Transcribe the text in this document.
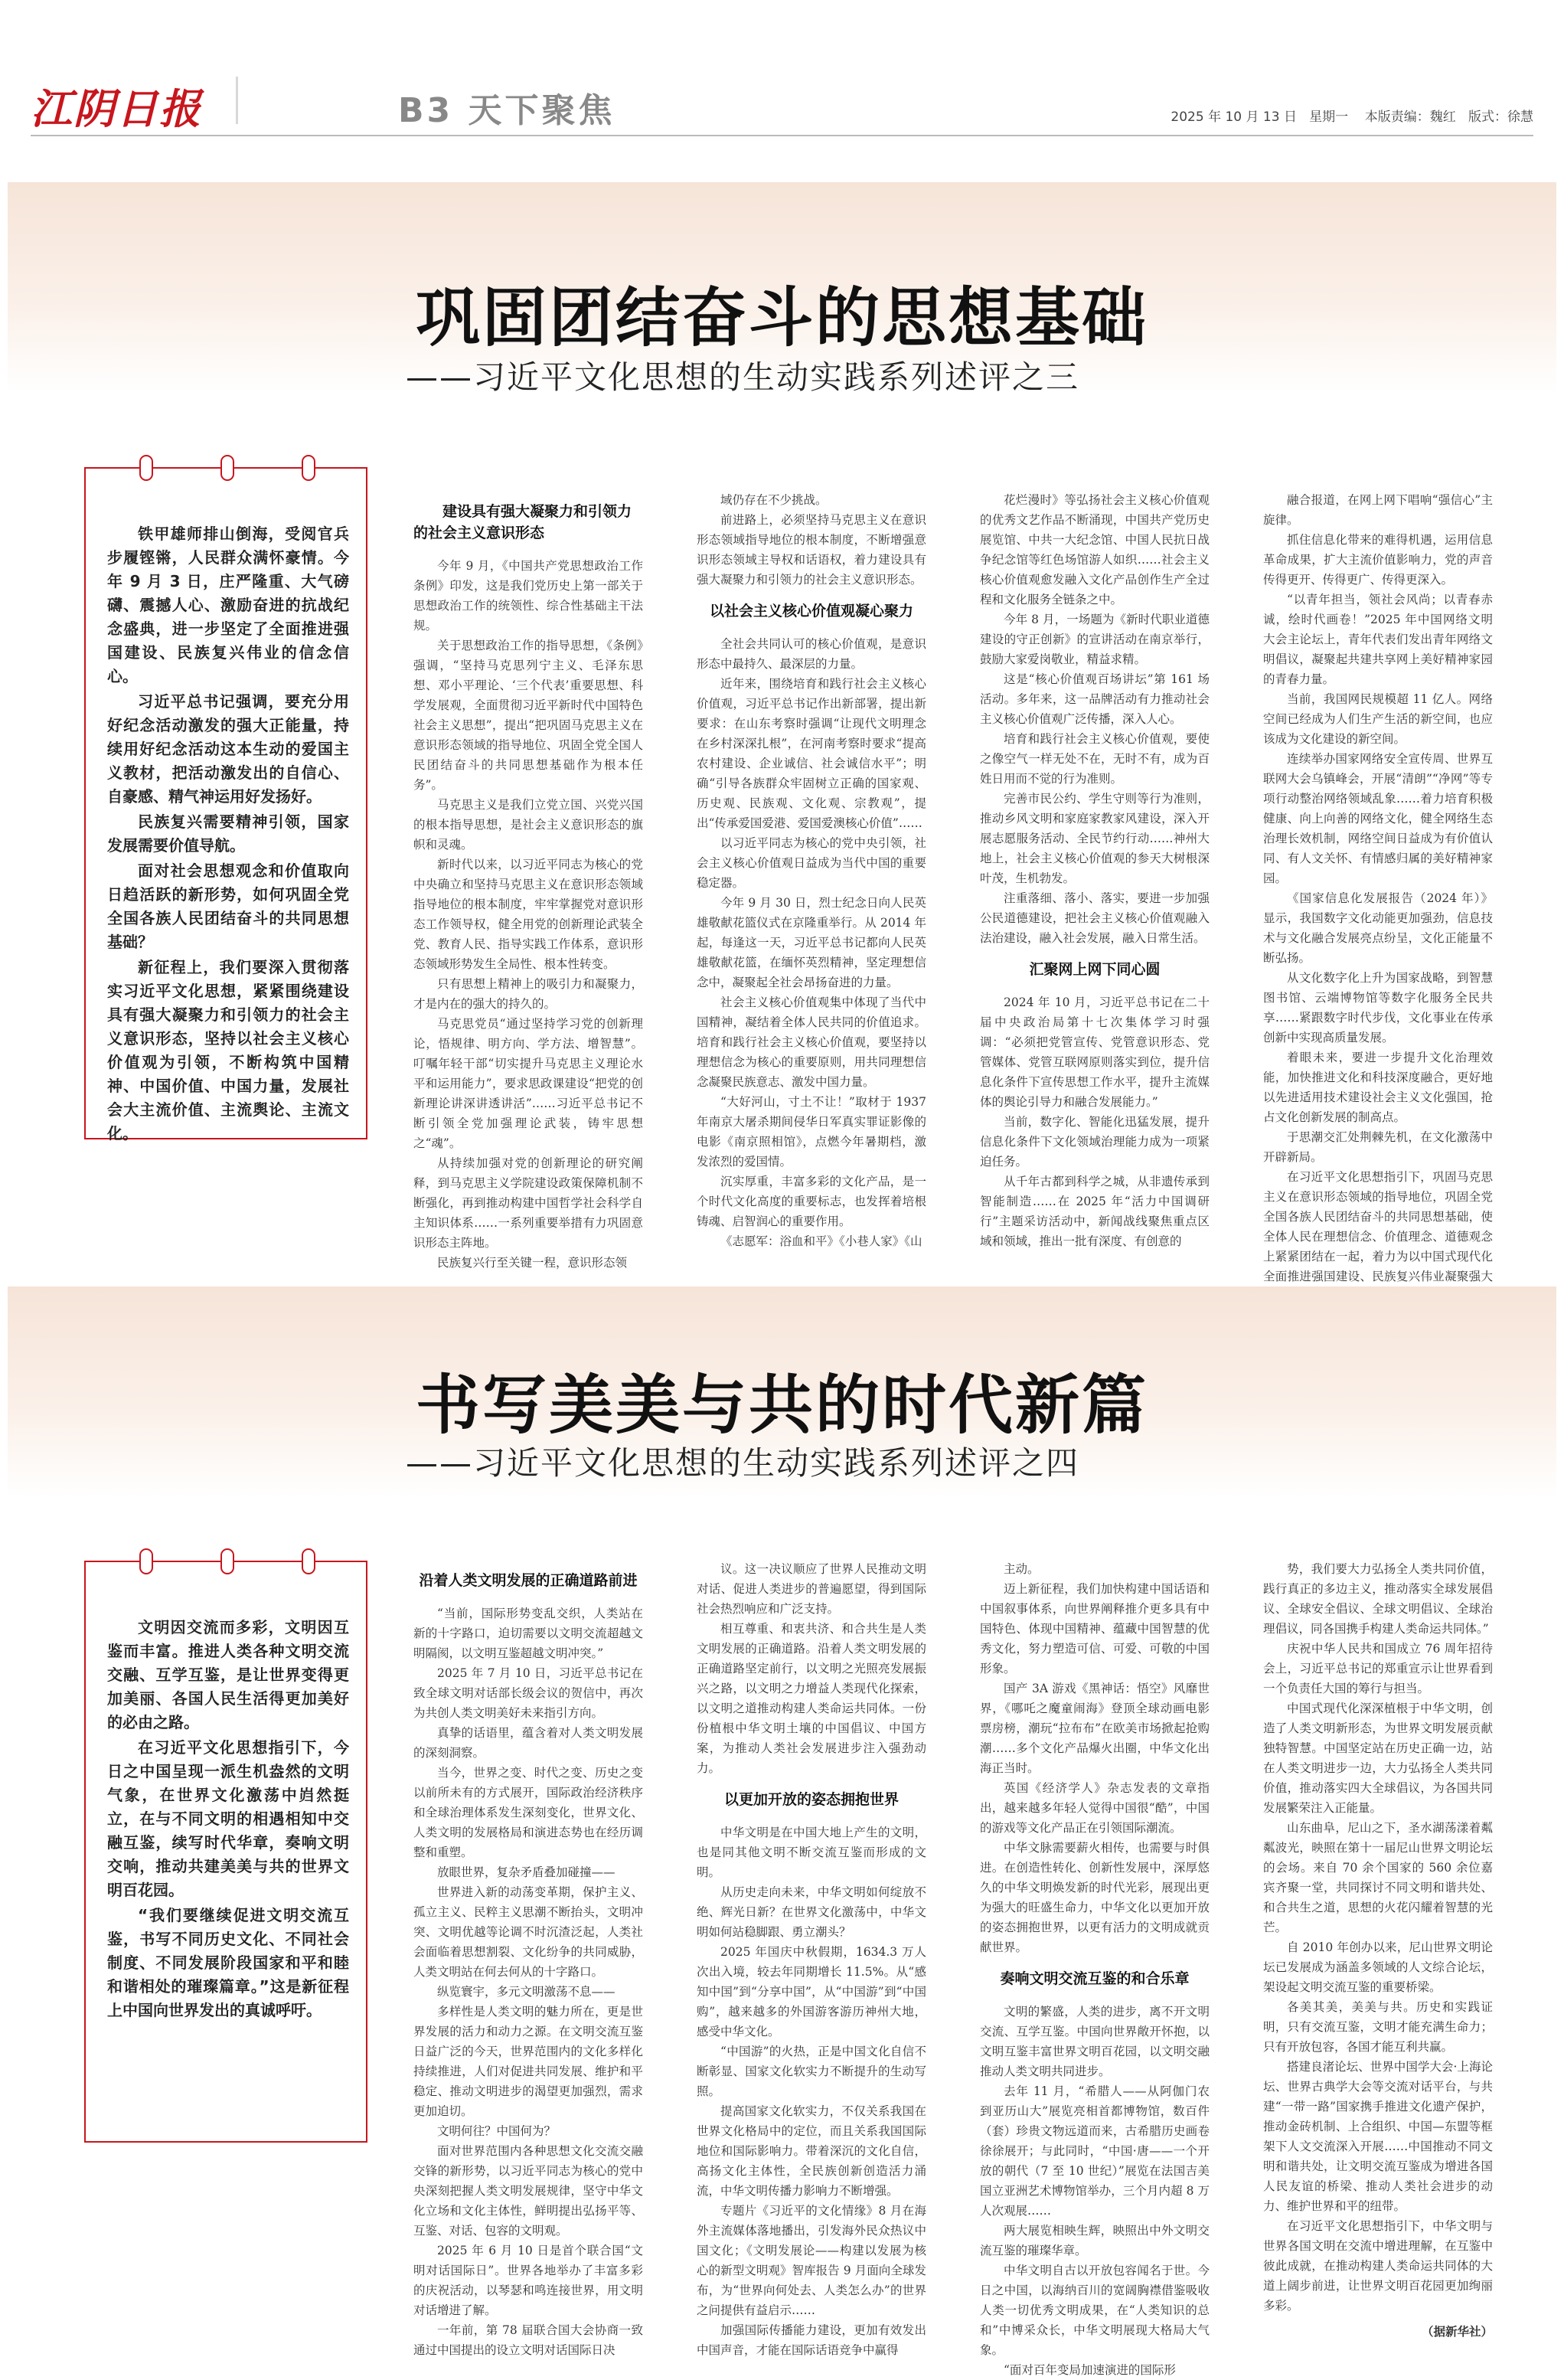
江阴日报	B3 天下聚焦	2025 年 10 月 13 日   星期一    本版责编：魏红   版式：徐慧
巩固团结奋斗的思想基础
——习近平文化思想的生动实践系列述评之三

铁甲雄师排山倒海，受阅官兵步履铿锵，人民群众满怀豪情。今年 9 月 3 日，庄严隆重、大气磅礴、震撼人心、激励奋进的抗战纪念盛典，进一步坚定了全面推进强国建设、民族复兴伟业的信念信心。

习近平总书记强调，要充分用好纪念活动激发的强大正能量，持续用好纪念活动这本生动的爱国主义教材，把活动激发出的自信心、自豪感、精气神运用好发扬好。

民族复兴需要精神引领，国家发展需要价值导航。

面对社会思想观念和价值取向日趋活跃的新形势，如何巩固全党全国各族人民团结奋斗的共同思想基础？

新征程上，我们要深入贯彻落实习近平文化思想，紧紧围绕建设具有强大凝聚力和引领力的社会主义意识形态，坚持以社会主义核心价值观为引领，不断构筑中国精神、中国价值、中国力量，发展社会大主流价值、主流舆论、主流文化。

建设具有强大凝聚力和引领力的社会主义意识形态

今年 9 月，《中国共产党思想政治工作条例》印发，这是我们党历史上第一部关于思想政治工作的统领性、综合性基础主干法规。

关于思想政治工作的指导思想，《条例》强调，“坚持马克思列宁主义、毛泽东思想、邓小平理论、‘三个代表’重要思想、科学发展观，全面贯彻习近平新时代中国特色社会主义思想”，提出“把巩固马克思主义在意识形态领域的指导地位、巩固全党全国人民团结奋斗的共同思想基础作为根本任务”。

马克思主义是我们立党立国、兴党兴国的根本指导思想，是社会主义意识形态的旗帜和灵魂。

新时代以来，以习近平同志为核心的党中央确立和坚持马克思主义在意识形态领域指导地位的根本制度，牢牢掌握党对意识形态工作领导权，健全用党的创新理论武装全党、教育人民、指导实践工作体系，意识形态领域形势发生全局性、根本性转变。

只有思想上精神上的吸引力和凝聚力，才是内在的强大的持久的。

马克思党员“通过坚持学习党的创新理论，悟规律、明方向、学方法、增智慧”。叮嘱年轻干部“切实提升马克思主义理论水平和运用能力”，要求思政课建设“把党的创新理论讲深讲透讲活”……习近平总书记不断引领全党加强理论武装，铸牢思想之“魂”。

从持续加强对党的创新理论的研究阐释，到马克思主义学院建设政策保障机制不断强化，再到推动构建中国哲学社会科学自主知识体系……一系列重要举措有力巩固意识形态主阵地。

民族复兴行至关键一程，意识形态领

域仍存在不少挑战。

前进路上，必须坚持马克思主义在意识形态领域指导地位的根本制度，不断增强意识形态领域主导权和话语权，着力建设具有强大凝聚力和引领力的社会主义意识形态。

以社会主义核心价值观凝心聚力

全社会共同认可的核心价值观，是意识形态中最持久、最深层的力量。

近年来，围绕培育和践行社会主义核心价值观，习近平总书记作出新部署，提出新要求：在山东考察时强调“让现代文明理念在乡村深深扎根”，在河南考察时要求“提高农村建设、企业诚信、社会诚信水平”；明确“引导各族群众牢固树立正确的国家观、历史观、民族观、文化观、宗教观”，提出“传承爱国爱港、爱国爱澳核心价值”……

以习近平同志为核心的党中央引领，社会主义核心价值观日益成为当代中国的重要稳定器。

今年 9 月 30 日，烈士纪念日向人民英雄敬献花篮仪式在京隆重举行。从 2014 年起，每逢这一天，习近平总书记都向人民英雄敬献花篮，在缅怀英烈精神，坚定理想信念中，凝聚起全社会昂扬奋进的力量。

社会主义核心价值观集中体现了当代中国精神，凝结着全体人民共同的价值追求。培育和践行社会主义核心价值观，要坚持以理想信念为核心的重要原则，用共同理想信念凝聚民族意志、激发中国力量。

“大好河山，寸土不让！”取材于 1937 年南京大屠杀期间侵华日军真实罪证影像的电影《南京照相馆》，点燃今年暑期档，激发浓烈的爱国情。

沉实厚重，丰富多彩的文化产品，是一个时代文化高度的重要标志，也发挥着培根铸魂、启智润心的重要作用。

《志愿军：浴血和平》《小巷人家》《山

花烂漫时》等弘扬社会主义核心价值观的优秀文艺作品不断涌现，中国共产党历史展览馆、中共一大纪念馆、中国人民抗日战争纪念馆等红色场馆游人如织……社会主义核心价值观愈发融入文化产品创作生产全过程和文化服务全链条之中。

今年 8 月，一场题为《新时代职业道德建设的守正创新》的宣讲活动在南京举行，鼓励大家爱岗敬业，精益求精。

这是“核心价值观百场讲坛”第 161 场活动。多年来，这一品牌活动有力推动社会主义核心价值观广泛传播，深入人心。

培育和践行社会主义核心价值观，要使之像空气一样无处不在，无时不有，成为百姓日用而不觉的行为准则。

完善市民公约、学生守则等行为准则，推动乡风文明和家庭家教家风建设，深入开展志愿服务活动、全民节约行动……神州大地上，社会主义核心价值观的参天大树根深叶茂，生机勃发。

注重落细、落小、落实，要进一步加强公民道德建设，把社会主义核心价值观融入法治建设，融入社会发展，融入日常生活。

汇聚网上网下同心圆

2024 年 10 月，习近平总书记在二十届中央政治局第十七次集体学习时强调：“必须把党管宣传、党管意识形态、党管媒体、党管互联网原则落实到位，提升信息化条件下宣传思想工作水平，提升主流媒体的舆论引导力和融合发展能力。”

当前，数字化、智能化迅猛发展，提升信息化条件下文化领域治理能力成为一项紧迫任务。

从千年古都到科学之城，从非遗传承到智能制造……在 2025 年“活力中国调研行”主题采访活动中，新闻战线聚焦重点区域和领域，推出一批有深度、有创意的

融合报道，在网上网下唱响“强信心”主旋律。

抓住信息化带来的难得机遇，运用信息革命成果，扩大主流价值影响力，党的声音传得更开、传得更广、传得更深入。

“以青年担当，领社会风尚；以青春赤诚，绘时代画卷！”2025 年中国网络文明大会主论坛上，青年代表们发出青年网络文明倡议，凝聚起共建共享网上美好精神家园的青春力量。

当前，我国网民规模超 11 亿人。网络空间已经成为人们生产生活的新空间，也应该成为文化建设的新空间。

连续举办国家网络安全宣传周、世界互联网大会乌镇峰会，开展“清朗”“净网”等专项行动整治网络领域乱象……着力培育积极健康、向上向善的网络文化，健全网络生态治理长效机制，网络空间日益成为有价值认同、有人文关怀、有情感归属的美好精神家园。

《国家信息化发展报告（2024 年）》显示，我国数字文化动能更加强劲，信息技术与文化融合发展亮点纷呈，文化正能量不断弘扬。

从文化数字化上升为国家战略，到智慧图书馆、云端博物馆等数字化服务全民共享……紧跟数字时代步伐，文化事业在传承创新中实现高质量发展。

着眼未来，要进一步提升文化治理效能，加快推进文化和科技深度融合，更好地以先进适用技术建设社会主义文化强国，抢占文化创新发展的制高点。

于思潮交汇处荆棘先机，在文化激荡中开辟新局。

在习近平文化思想指引下，巩固马克思主义在意识形态领域的指导地位，巩固全党全国各族人民团结奋斗的共同思想基础，使全体人民在理想信念、价值理念、道德观念上紧紧团结在一起，着力为以中国式现代化全面推进强国建设、民族复兴伟业凝聚强大

书写美美与共的时代新篇
——习近平文化思想的生动实践系列述评之四

文明因交流而多彩，文明因互鉴而丰富。推进人类各种文明交流交融、互学互鉴，是让世界变得更加美丽、各国人民生活得更加美好的必由之路。

在习近平文化思想指引下，今日之中国呈现一派生机盎然的文明气象，在世界文化激荡中岿然挺立，在与不同文明的相遇相知中交融互鉴，续写时代华章，奏响文明交响，推动共建美美与共的世界文明百花园。

“我们要继续促进文明交流互鉴，书写不同历史文化、不同社会制度、不同发展阶段国家和平和睦和谐相处的璀璨篇章。”这是新征程上中国向世界发出的真诚呼吁。

沿着人类文明发展的正确道路前进

“当前，国际形势变乱交织，人类站在新的十字路口，迫切需要以文明交流超越文明隔阂，以文明互鉴超越文明冲突。”

2025 年 7 月 10 日，习近平总书记在致全球文明对话部长级会议的贺信中，再次为共创人类文明美好未来指引方向。

真挚的话语里，蕴含着对人类文明发展的深刻洞察。

当今，世界之变、时代之变、历史之变以前所未有的方式展开，国际政治经济秩序和全球治理体系发生深刻变化，世界文化、人类文明的发展格局和演进态势也在经历调整和重塑。

放眼世界，复杂矛盾叠加碰撞——

世界进入新的动荡变革期，保护主义、孤立主义、民粹主义思潮不断抬头，文明冲突、文明优越等论调不时沉渣泛起，人类社会面临着思想割裂、文化纷争的共同威胁，人类文明站在何去何从的十字路口。

纵览寰宇，多元文明激荡不息——

多样性是人类文明的魅力所在，更是世界发展的活力和动力之源。在文明交流互鉴日益广泛的今天，世界范围内的文化多样化持续推进，人们对促进共同发展、维护和平稳定、推动文明进步的渴望更加强烈，需求更加迫切。

文明何往？中国何为？

面对世界范围内各种思想文化交流交融交锋的新形势，以习近平同志为核心的党中央深刻把握人类文明发展规律，坚守中华文化立场和文化主体性，鲜明提出弘扬平等、互鉴、对话、包容的文明观。

2025 年 6 月 10 日是首个联合国“文明对话国际日”。世界各地举办了丰富多彩的庆祝活动，以琴瑟和鸣连接世界，用文明对话增进了解。

一年前，第 78 届联合国大会协商一致通过中国提出的设立文明对话国际日决

议。这一决议顺应了世界人民推动文明对话、促进人类进步的普遍愿望，得到国际社会热烈响应和广泛支持。

相互尊重、和衷共济、和合共生是人类文明发展的正确道路。沿着人类文明发展的正确道路坚定前行，以文明之光照亮发展振兴之路，以文明之力增益人类现代化探索，以文明之道推动构建人类命运共同体。一份份植根中华文明土壤的中国倡议、中国方案，为推动人类社会发展进步注入强劲动力。

以更加开放的姿态拥抱世界

中华文明是在中国大地上产生的文明，也是同其他文明不断交流互鉴而形成的文明。

从历史走向未来，中华文明如何绽放不绝、辉光日新？在世界文化激荡中，中华文明如何站稳脚跟、勇立潮头？

2025 年国庆中秋假期，1634.3 万人次出入境，较去年同期增长 11.5%。从“感知中国”到“分享中国”，从“中国游”到“中国购”，越来越多的外国游客游历神州大地，感受中华文化。

“中国游”的火热，正是中国文化自信不断彰显、国家文化软实力不断提升的生动写照。

提高国家文化软实力，不仅关系我国在世界文化格局中的定位，而且关系我国国际地位和国际影响力。带着深沉的文化自信，高扬文化主体性，全民族创新创造活力涌流，中华文明传播力影响力不断增强。

专题片《习近平的文化情缘》8 月在海外主流媒体落地播出，引发海外民众热议中国文化；《文明发展论——构建以发展为核心的新型文明观》智库报告 9 月面向全球发布，为“世界向何处去、人类怎么办”的世界之问提供有益启示……

加强国际传播能力建设，更加有效发出中国声音，才能在国际话语竞争中赢得

主动。

迈上新征程，我们加快构建中国话语和中国叙事体系，向世界阐释推介更多具有中国特色、体现中国精神、蕴藏中国智慧的优秀文化，努力塑造可信、可爱、可敬的中国形象。

国产 3A 游戏《黑神话：悟空》风靡世界，《哪吒之魔童闹海》登顶全球动画电影票房榜，潮玩“拉布布”在欧美市场掀起抢购潮……多个文化产品爆火出圈，中华文化出海正当时。

英国《经济学人》杂志发表的文章指出，越来越多年轻人觉得中国很“酷”，中国的游戏等文化产品正在引领国际潮流。

中华文脉需要薪火相传，也需要与时俱进。在创造性转化、创新性发展中，深厚悠久的中华文明焕发新的时代光彩，展现出更为强大的旺盛生命力，中华文化以更加开放的姿态拥抱世界，以更有活力的文明成就贡献世界。

奏响文明交流互鉴的和合乐章

文明的繁盛，人类的进步，离不开文明交流、互学互鉴。中国向世界敞开怀抱，以文明互鉴丰富世界文明百花园，以文明交融推动人类文明共同进步。

去年 11 月，“希腊人——从阿伽门农到亚历山大”展览亮相首都博物馆，数百件（套）珍贵文物远道而来，古希腊历史画卷徐徐展开；与此同时，“中国·唐——一个开放的朝代（7 至 10 世纪）”展览在法国吉美国立亚洲艺术博物馆举办，三个月内超 8 万人次观展……

两大展览相映生辉，映照出中外文明交流互鉴的璀璨华章。

中华文明自古以开放包容闻名于世。今日之中国，以海纳百川的宽阔胸襟借鉴吸收人类一切优秀文明成果，在“人类知识的总和”中博采众长，中华文明展现大格局大气象。

“面对百年变局加速演进的国际形

势，我们要大力弘扬全人类共同价值，践行真正的多边主义，推动落实全球发展倡议、全球安全倡议、全球文明倡议、全球治理倡议，同各国携手构建人类命运共同体。”

庆祝中华人民共和国成立 76 周年招待会上，习近平总书记的郑重宣示让世界看到一个负责任大国的筹行与担当。

中国式现代化深深植根于中华文明，创造了人类文明新形态，为世界文明发展贡献独特智慧。中国坚定站在历史正确一边，站在人类文明进步一边，大力弘扬全人类共同价值，推动落实四大全球倡议，为各国共同发展繁荣注入正能量。

山东曲阜，尼山之下，圣水湖荡漾着粼粼波光，映照在第十一届尼山世界文明论坛的会场。来自 70 余个国家的 560 余位嘉宾齐聚一堂，共同探讨不同文明和谐共处、和合共生之道，思想的火花闪耀着智慧的光芒。

自 2010 年创办以来，尼山世界文明论坛已发展成为涵盖多领域的人文综合论坛，架设起文明交流互鉴的重要桥梁。

各美其美，美美与共。历史和实践证明，只有交流互鉴，文明才能充满生命力；只有开放包容，各国才能互利共赢。

搭建良渚论坛、世界中国学大会·上海论坛、世界古典学大会等交流对话平台，与共建“一带一路”国家携手推进文化遗产保护，推动金砖机制、上合组织、中国—东盟等框架下人文交流深入开展……中国推动不同文明和谐共处，让文明交流互鉴成为增进各国人民友谊的桥梁、推动人类社会进步的动力、维护世界和平的纽带。

在习近平文化思想指引下，中华文明与世界各国文明在交流中增进理解，在互鉴中彼此成就，在推动构建人类命运共同体的大道上阔步前进，让世界文明百花园更加绚丽多彩。

（据新华社）
